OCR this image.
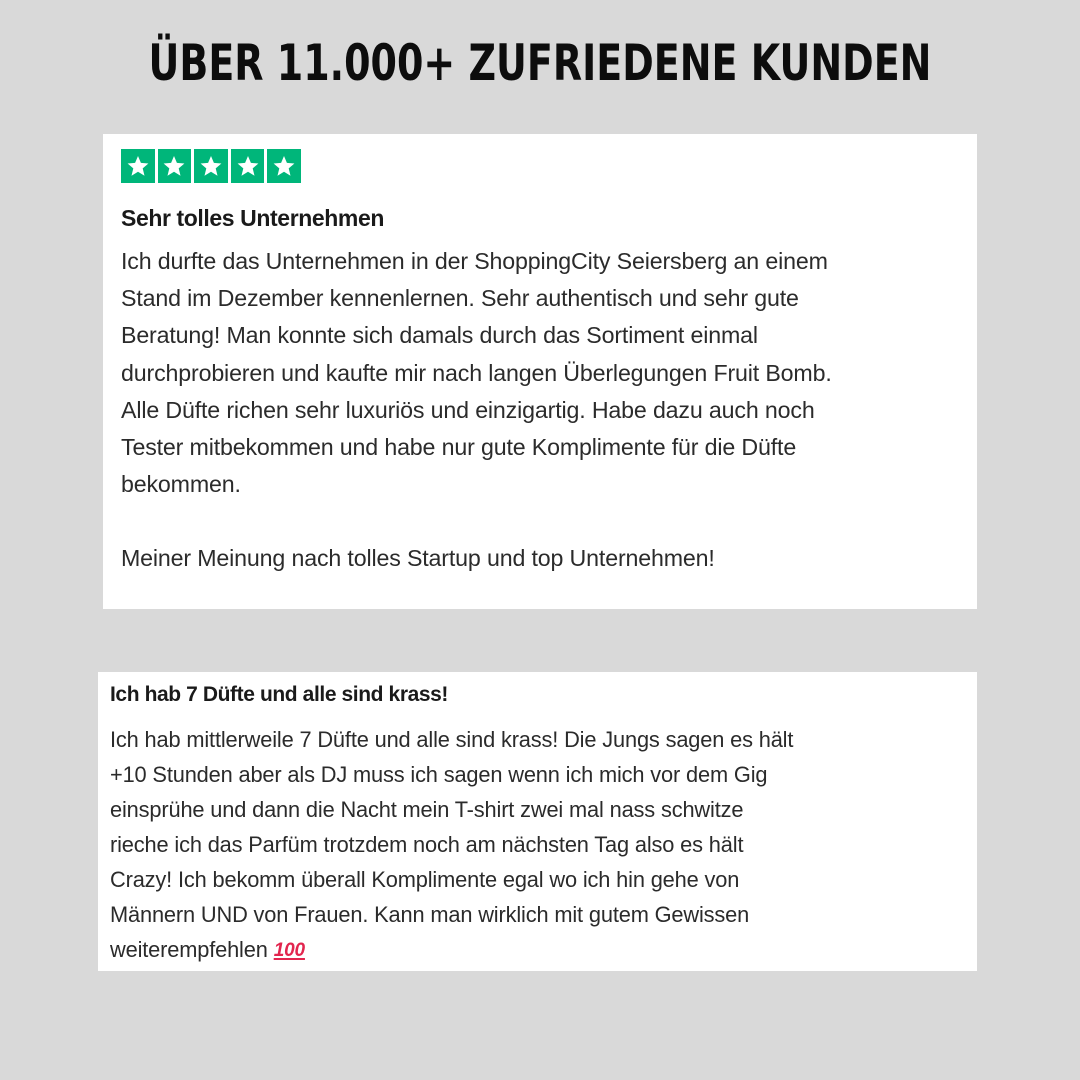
ÜBER 11.000+ ZUFRIEDENE KUNDEN
Sehr tolles Unternehmen
Ich durfte das Unternehmen in der ShoppingCity Seiersberg an einem
Stand im Dezember kennenlernen. Sehr authentisch und sehr gute
Beratung! Man konnte sich damals durch das Sortiment einmal
durchprobieren und kaufte mir nach langen Überlegungen Fruit Bomb.
Alle Düfte richen sehr luxuriös und einzigartig. Habe dazu auch noch
Tester mitbekommen und habe nur gute Komplimente für die Düfte
bekommen.
Meiner Meinung nach tolles Startup und top Unternehmen!
Ich hab 7 Düfte und alle sind krass!
Ich hab mittlerweile 7 Düfte und alle sind krass! Die Jungs sagen es hält
+10 Stunden aber als DJ muss ich sagen wenn ich mich vor dem Gig
einsprühe und dann die Nacht mein T-shirt zwei mal nass schwitze
rieche ich das Parfüm trotzdem noch am nächsten Tag also es hält
Crazy! Ich bekomm überall Komplimente egal wo ich hin gehe von
Männern UND von Frauen. Kann man wirklich mit gutem Gewissen
weiterempfehlen 100
